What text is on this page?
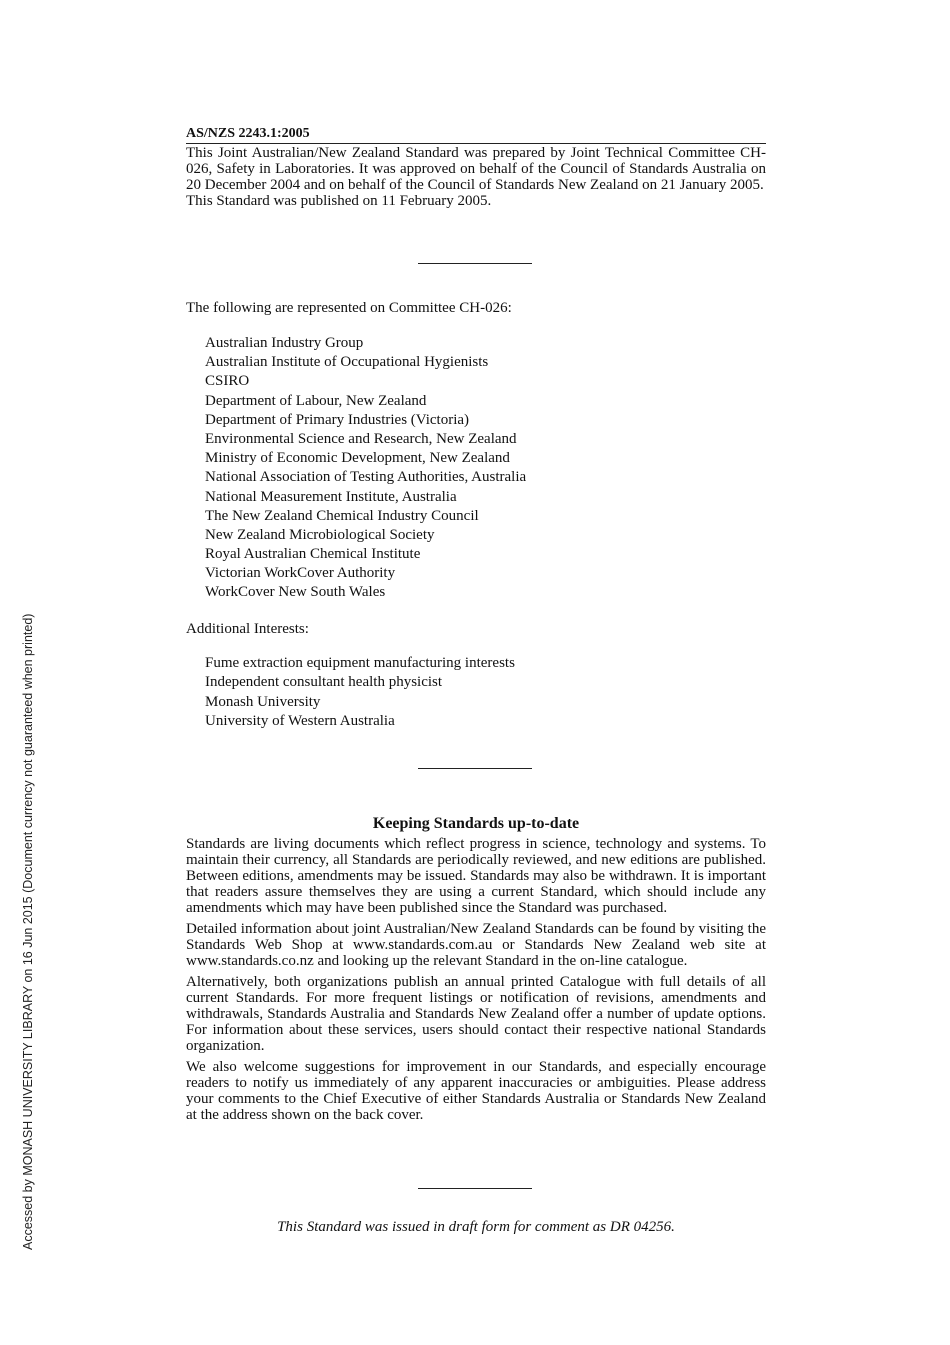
Accessed by MONASH UNIVERSITY LIBRARY on 16 Jun 2015 (Document currency not guaranteed when printed)
AS/NZS 2243.1:2005

This Joint Australian/New Zealand Standard was prepared by Joint Technical Committee CH-026, Safety in Laboratories. It was approved on behalf of the Council of Standards Australia on 20 December 2004 and on behalf of the Council of Standards New Zealand on 21 January 2005.

This Standard was published on 11 February 2005.

The following are represented on Committee CH-026:
Australian Industry Group
Australian Institute of Occupational Hygienists
CSIRO
Department of Labour, New Zealand
Department of Primary Industries (Victoria)
Environmental Science and Research, New Zealand
Ministry of Economic Development, New Zealand
National Association of Testing Authorities, Australia
National Measurement Institute, Australia
The New Zealand Chemical Industry Council
New Zealand Microbiological Society
Royal Australian Chemical Institute
Victorian WorkCover Authority
WorkCover New South Wales
Additional Interests:
Fume extraction equipment manufacturing interests
Independent consultant health physicist
Monash University
University of Western Australia
Keeping Standards up-to-date

Standards are living documents which reflect progress in science, technology and systems. To maintain their currency, all Standards are periodically reviewed, and new editions are published. Between editions, amendments may be issued. Standards may also be withdrawn. It is important that readers assure themselves they are using a current Standard, which should include any amendments which may have been published since the Standard was purchased.

Detailed information about joint Australian/New Zealand Standards can be found by visiting the Standards Web Shop at www.standards.com.au or Standards New Zealand web site at www.standards.co.nz and looking up the relevant Standard in the on-line catalogue.

Alternatively, both organizations publish an annual printed Catalogue with full details of all current Standards. For more frequent listings or notification of revisions, amendments and withdrawals, Standards Australia and Standards New Zealand offer a number of update options. For information about these services, users should contact their respective national Standards organization.

We also welcome suggestions for improvement in our Standards, and especially encourage readers to notify us immediately of any apparent inaccuracies or ambiguities. Please address your comments to the Chief Executive of either Standards Australia or Standards New Zealand at the address shown on the back cover.

This Standard was issued in draft form for comment as DR 04256.
